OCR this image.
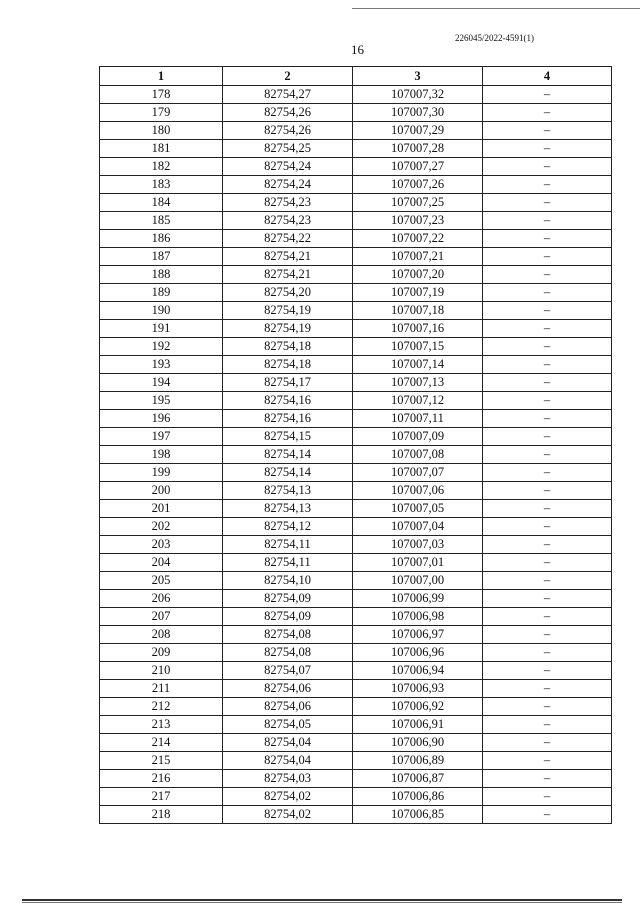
226045/2022-4591(1)
16
1	2	3	4
178	82754,27	107007,32	–
179	82754,26	107007,30	–
180	82754,26	107007,29	–
181	82754,25	107007,28	–
182	82754,24	107007,27	–
183	82754,24	107007,26	–
184	82754,23	107007,25	–
185	82754,23	107007,23	–
186	82754,22	107007,22	–
187	82754,21	107007,21	–
188	82754,21	107007,20	–
189	82754,20	107007,19	–
190	82754,19	107007,18	–
191	82754,19	107007,16	–
192	82754,18	107007,15	–
193	82754,18	107007,14	–
194	82754,17	107007,13	–
195	82754,16	107007,12	–
196	82754,16	107007,11	–
197	82754,15	107007,09	–
198	82754,14	107007,08	–
199	82754,14	107007,07	–
200	82754,13	107007,06	–
201	82754,13	107007,05	–
202	82754,12	107007,04	–
203	82754,11	107007,03	–
204	82754,11	107007,01	–
205	82754,10	107007,00	–
206	82754,09	107006,99	–
207	82754,09	107006,98	–
208	82754,08	107006,97	–
209	82754,08	107006,96	–
210	82754,07	107006,94	–
211	82754,06	107006,93	–
212	82754,06	107006,92	–
213	82754,05	107006,91	–
214	82754,04	107006,90	–
215	82754,04	107006,89	–
216	82754,03	107006,87	–
217	82754,02	107006,86	–
218	82754,02	107006,85	–
